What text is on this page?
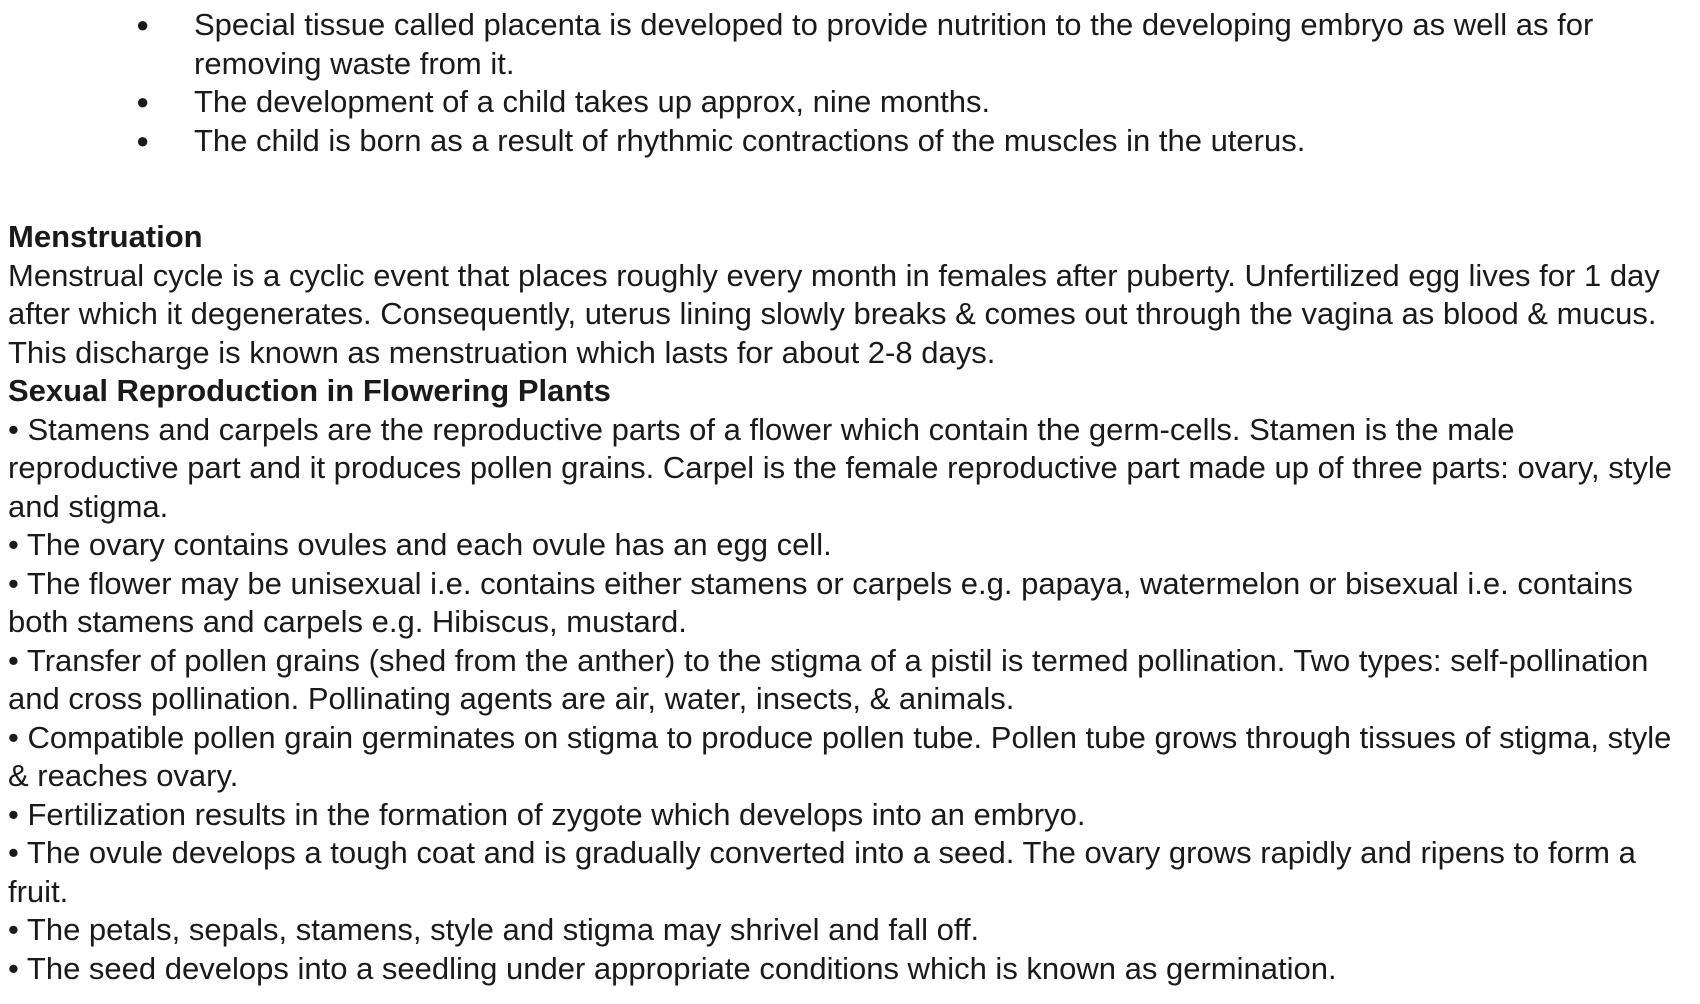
● Special tissue called placenta is developed to provide nutrition to the developing embryo as well as for removing waste from it.
● The development of a child takes up approx, nine months.
● The child is born as a result of rhythmic contractions of the muscles in the uterus.
Menstruation

Menstrual cycle is a cyclic event that places roughly every month in females after puberty. Unfertilized egg lives for 1 day after which it degenerates. Consequently, uterus lining slowly breaks & comes out through the vagina as blood & mucus. This discharge is known as menstruation which lasts for about 2-8 days.

Sexual Reproduction in Flowering Plants

• Stamens and carpels are the reproductive parts of a flower which contain the germ-cells. Stamen is the male reproductive part and it produces pollen grains. Carpel is the female reproductive part made up of three parts: ovary, style and stigma.

• The ovary contains ovules and each ovule has an egg cell.

• The flower may be unisexual i.e. contains either stamens or carpels e.g. papaya, watermelon or bisexual i.e. contains both stamens and carpels e.g. Hibiscus, mustard.

• Transfer of pollen grains (shed from the anther) to the stigma of a pistil is termed pollination. Two types: self-pollination and cross pollination. Pollinating agents are air, water, insects, & animals.

• Compatible pollen grain germinates on stigma to produce pollen tube. Pollen tube grows through tissues of stigma, style & reaches ovary.

• Fertilization results in the formation of zygote which develops into an embryo.

• The ovule develops a tough coat and is gradually converted into a seed. The ovary grows rapidly and ripens to form a fruit.

• The petals, sepals, stamens, style and stigma may shrivel and fall off.

• The seed develops into a seedling under appropriate conditions which is known as germination.
